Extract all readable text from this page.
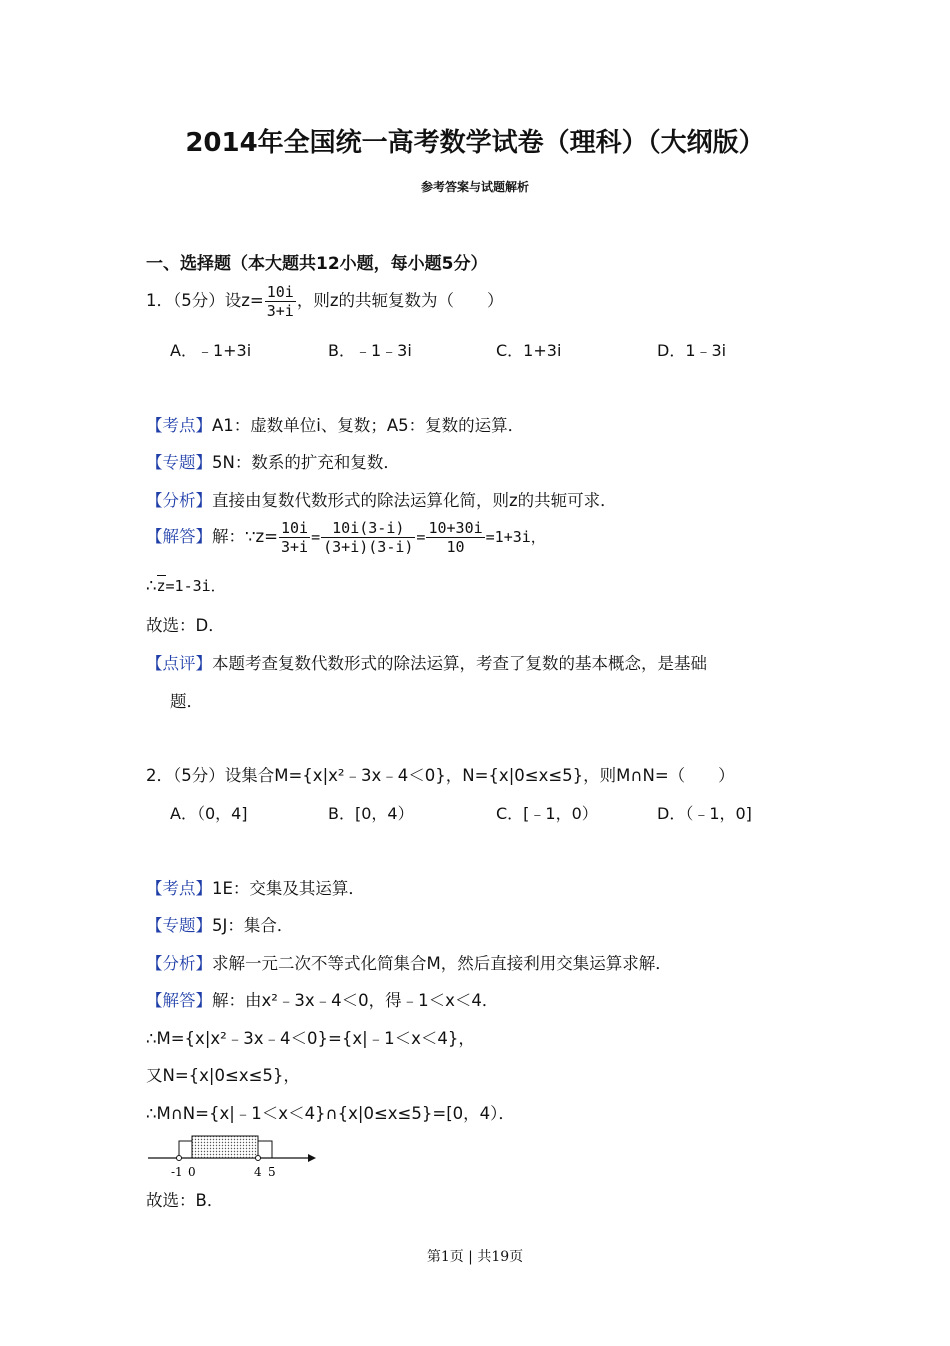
2014年全国统一高考数学试卷（理科）（大纲版）
参考答案与试题解析
一、选择题（本大题共12小题，每小题5分）
1．（5分）设$z= \frac{10i}{3+i}$ ，则z的共轭复数为（　　）
A．﹣1+3i	B．﹣1﹣3i	C．1+3i	D．1﹣3i
【考点】A1：虚数单位i、复数；A5：复数的运算．
【专题】5N：数系的扩充和复数．
【分析】直接由复数代数形式的除法运算化简，则z的共轭可求．
【解答】解：∵z= $\frac{10i}{3+i} = \frac{10i(3-i)}{(3+i)(3-i)} = \frac{10+30i}{10} =1+3i$，
∴z=1-3i．
故选：D．
【点评】本题考查复数代数形式的除法运算，考查了复数的基本概念，是基础
题．
2．（5分）设集合M={x|x²﹣3x﹣4＜0}，N={x|0≤x≤5}，则M∩N=（　　）
A．（0，4]	B．[0，4）	C．[﹣1，0）	D．（﹣1，0]
【考点】1E：交集及其运算．
【专题】5J：集合．
【分析】求解一元二次不等式化简集合M，然后直接利用交集运算求解．
【解答】解：由x²﹣3x﹣4＜0，得﹣1＜x＜4．
∴M={x|x²﹣3x﹣4＜0}={x|﹣1＜x＜4}，
又N={x|0≤x≤5}，
∴M∩N={x|﹣1＜x＜4}∩{x|0≤x≤5}=[0，4）．
-1 0	4 5
故选：B．
第1页 | 共19页
